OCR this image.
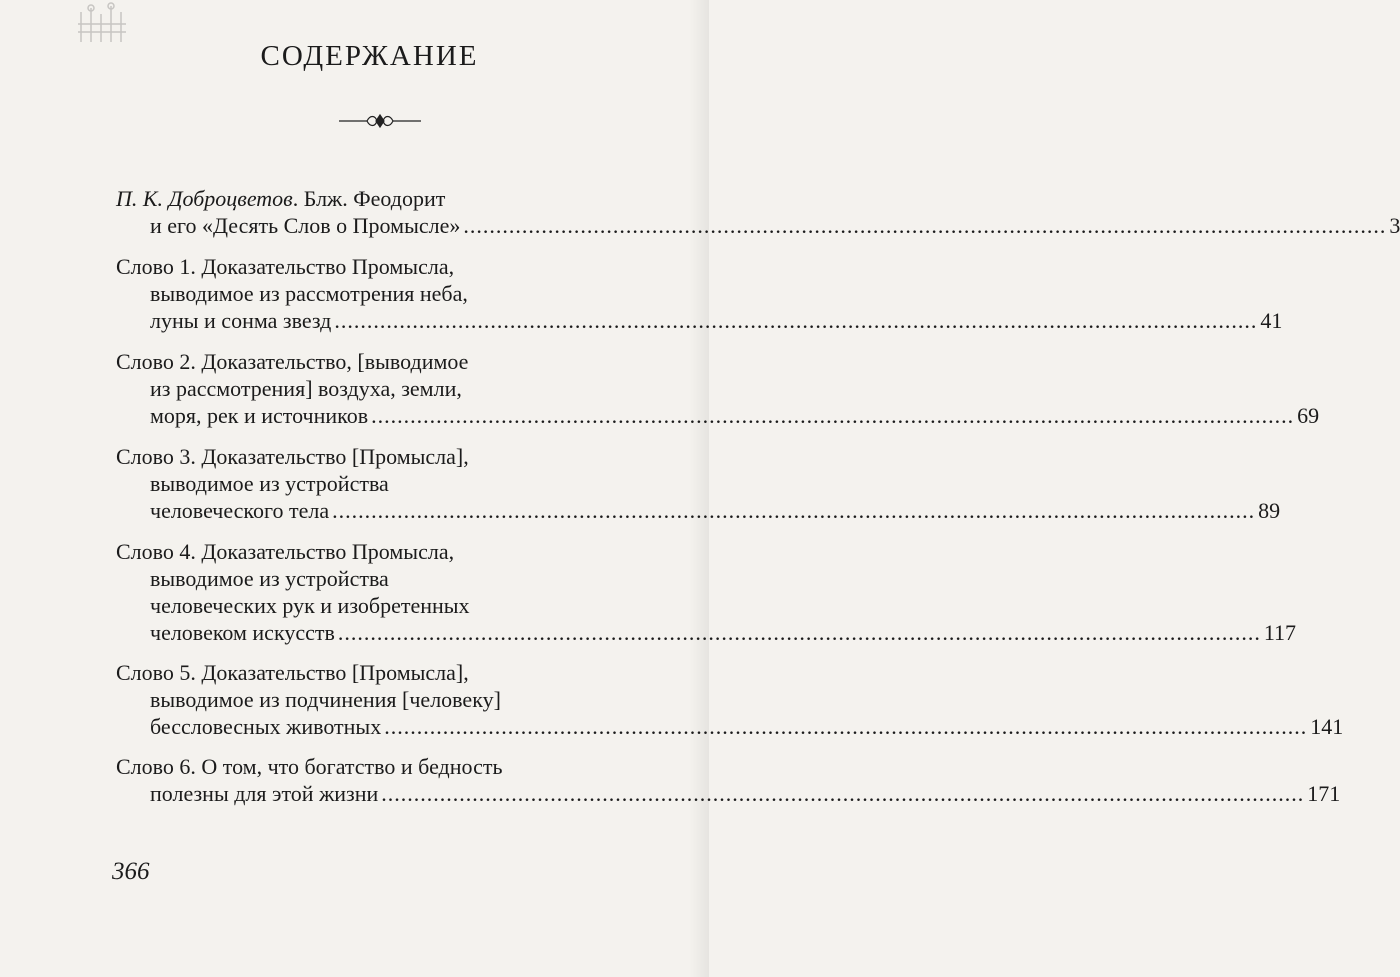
СОДЕРЖАНИЕ
П. К. Доброцветов. Блж. Феодорит
и его «Десять Слов о Промысле» .....	3
Слово 1. Доказательство Промысла,
выводимое из рассмотрения неба,
луны и сонма звезд .....	41
Слово 2. Доказательство, [выводимое
из рассмотрения] воздуха, земли,
моря, рек и источников .....	69
Слово 3. Доказательство [Промысла],
выводимое из устройства
человеческого тела .....	89
Слово 4. Доказательство Промысла,
выводимое из устройства
человеческих рук и изобретенных
человеком искусств .....	117
Слово 5. Доказательство [Промысла],
выводимое из подчинения [человеку]
бессловесных животных .....	141
Слово 6. О том, что богатство и бедность
полезны для этой жизни .....	171
366
